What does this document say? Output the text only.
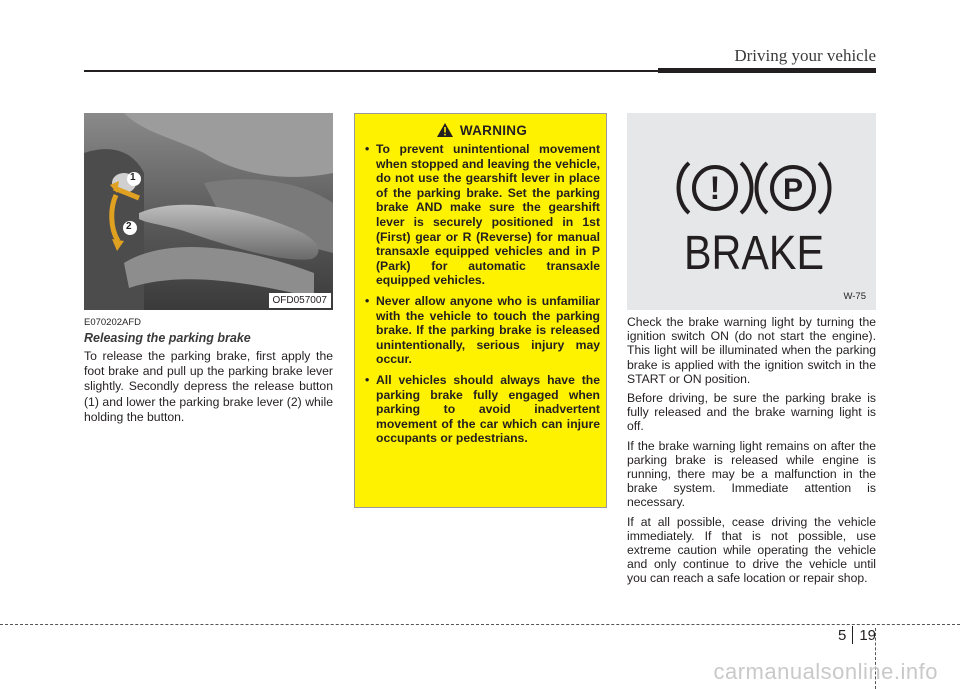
Driving your vehicle
1
2
OFD057007
E070202AFD
Releasing the parking brake
To release the parking brake, first apply the foot brake and pull up the parking brake lever slightly. Secondly depress the release button (1) and lower the parking brake lever (2) while holding the button.
WARNING
• To prevent unintentional movement when stopped and leaving the vehicle, do not use the gearshift lever in place of the parking brake. Set the parking brake AND make sure the gearshift lever is securely positioned in 1st (First) gear or R (Reverse) for manual transaxle equipped vehicles and in P (Park) for automatic transaxle equipped vehicles.
• Never allow anyone who is unfamiliar with the vehicle to touch the parking brake. If the parking brake is released unintentionally, serious injury may occur.
• All vehicles should always have the parking brake fully engaged when parking to avoid inadvertent movement of the car which can injure occupants or pedestrians.
! P
BRAKE
W-75

Check the brake warning light by turning the ignition switch ON (do not start the engine). This light will be illuminated when the parking brake is applied with the ignition switch in the START or ON position.

Before driving, be sure the parking brake is fully released and the brake warning light is off.

If the brake warning light remains on after the parking brake is released while engine is running, there may be a malfunction in the brake system. Immediate attention is necessary.

If at all possible, cease driving the vehicle immediately. If that is not possible, use extreme caution while operating the vehicle and only continue to drive the vehicle until you can reach a safe location or repair shop.

5 19
carmanualsonline.info
